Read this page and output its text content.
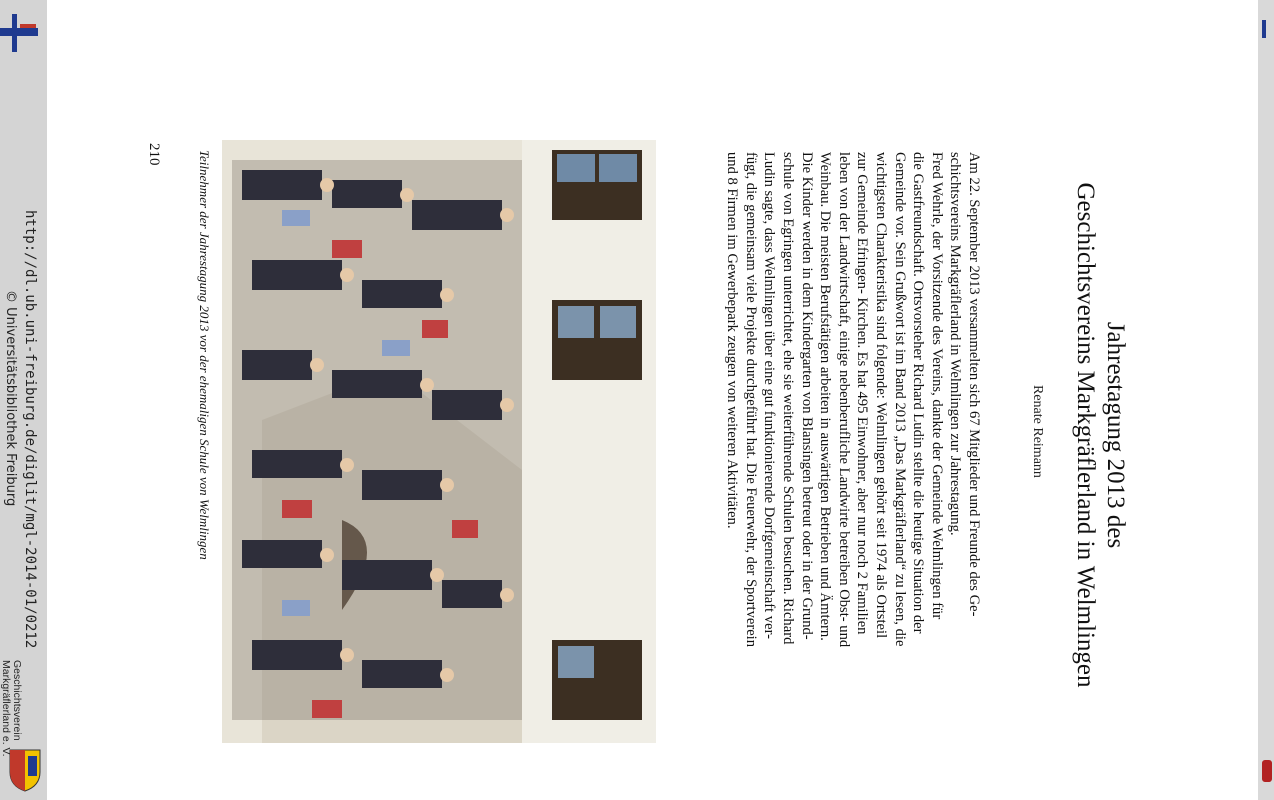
Jahrestagung 2013 des
Geschichtsvereins Markgräflerland in Welmlingen
Renate Reimann
Am 22. September 2013 versammelten sich 67 Mitglieder und Freunde des Ge-
schichtsvereins Markgräflerland in Welmlingen zur Jahrestagung.
Fred Wehrle, der Vorsitzende des Vereins, dankte der Gemeinde Welmlingen für
die Gastfreundschaft. Ortsvorsteher Richard Ludin stellte die heutige Situation der
Gemeinde vor. Sein Grußwort ist im Band 2013 „Das Markgräflerland“ zu lesen, die
wichtigsten Charakteristika sind folgende: Welmlingen gehört seit 1974 als Ortsteil
zur Gemeinde Efringen- Kirchen. Es hat 495 Einwohner, aber nur noch 2 Familien
leben von der Landwirtschaft, einige nebenberufliche Landwirte betreiben Obst- und
Weinbau. Die meisten Berufstätigen arbeiten in auswärtigen Betrieben und Ämtern.
Die Kinder werden in dem Kindergarten von Blansingen betreut oder in der Grund-
schule von Egringen unterrichtet, ehe sie weiterführende Schulen besuchen. Richard
Ludin sagte, dass Welmlingen über eine gut funktionierende Dorfgemeinschaft ver-
fügt, die gemeinsam viele Projekte durchgeführt hat. Die Feuerwehr, der Sportverein
und 8 Firmen im Gewerbepark zeugen von weiteren Aktivitäten.
Teilnehmer der Jahrestagung 2013 vor der ehemaligen Schule von Welmlingen
210
http://dl.ub.uni-freiburg.de/diglit/mgl-2014-01/0212
© Universitätsbibliothek Freiburg
Geschichtsverein
Markgräflerland e. V.
